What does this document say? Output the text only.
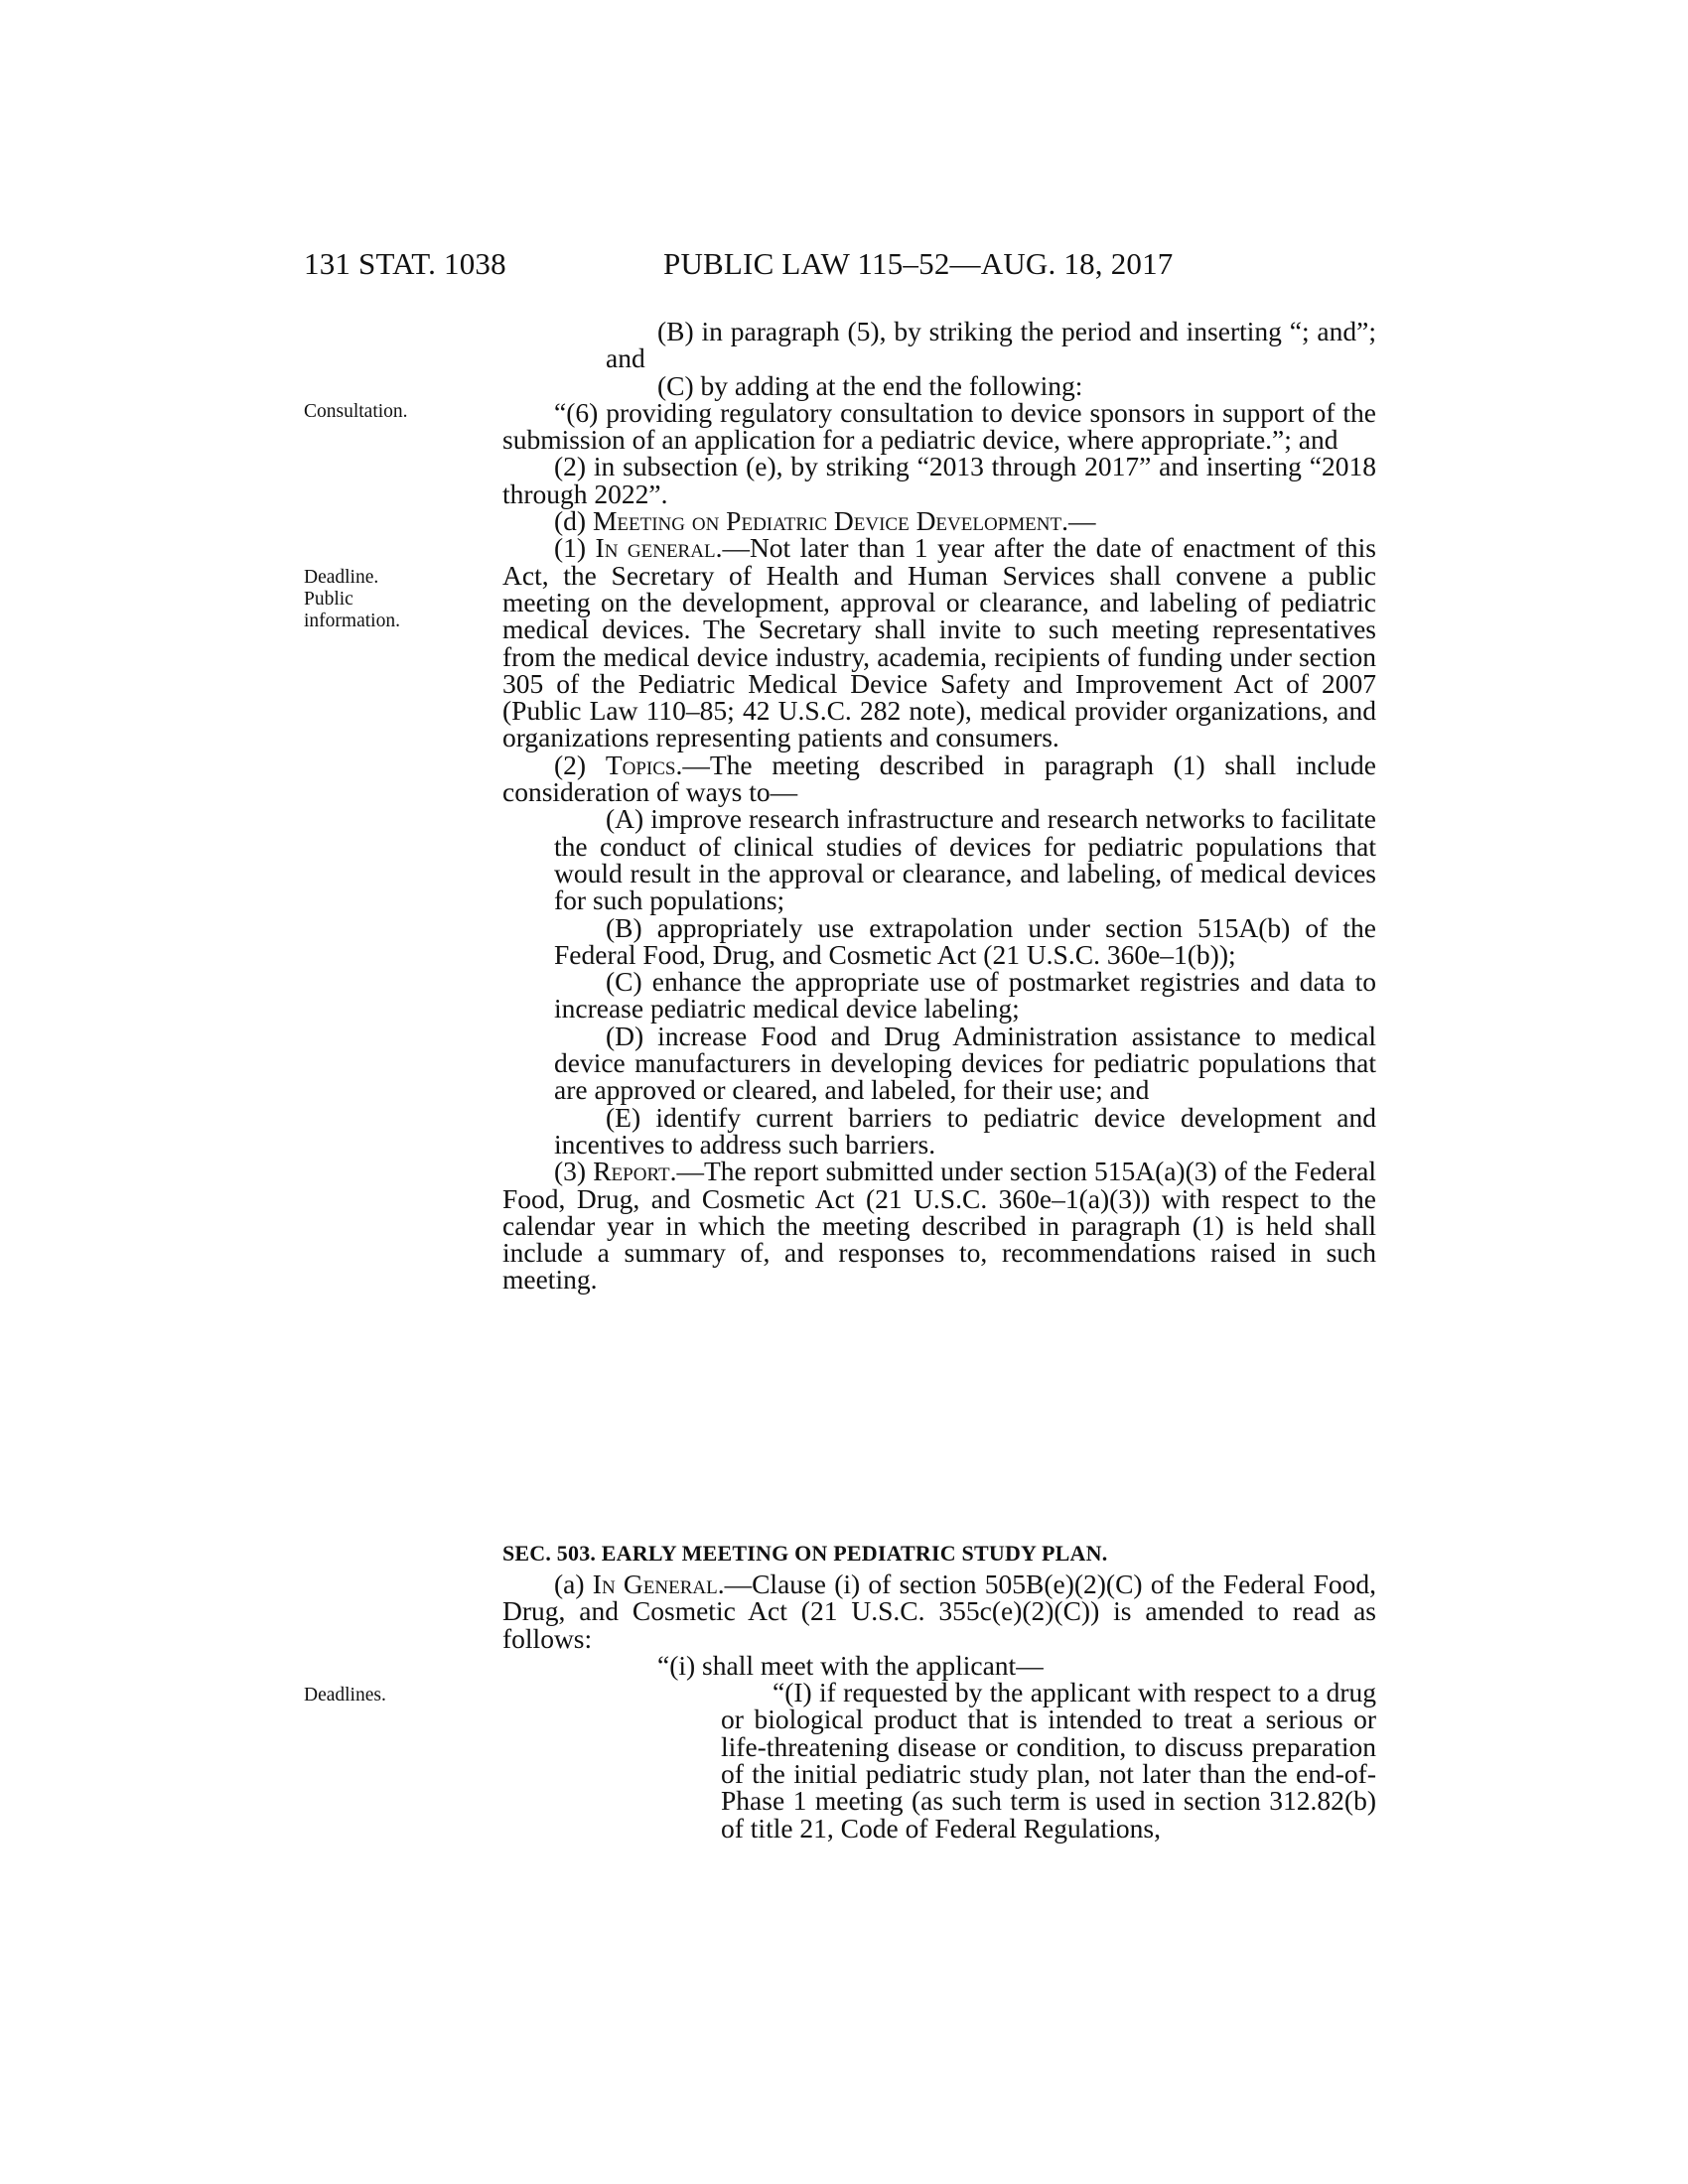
131 STAT. 1038	PUBLIC LAW 115–52—AUG. 18, 2017
Consultation.
Deadline.
Public
information.
Deadlines.

(B) in paragraph (5), by striking the period and inserting “; and”; and

(C) by adding at the end the following:

“(6) providing regulatory consultation to device sponsors in support of the submission of an application for a pediatric device, where appropriate.”; and

(2) in subsection (e), by striking “2013 through 2017” and inserting “2018 through 2022”.

(d) Meeting on Pediatric Device Development.—

(1) In general.—Not later than 1 year after the date of enactment of this Act, the Secretary of Health and Human Services shall convene a public meeting on the development, approval or clearance, and labeling of pediatric medical devices. The Secretary shall invite to such meeting representatives from the medical device industry, academia, recipients of funding under section 305 of the Pediatric Medical Device Safety and Improvement Act of 2007 (Public Law 110–85; 42 U.S.C. 282 note), medical provider organizations, and organizations representing patients and consumers.

(2) Topics.—The meeting described in paragraph (1) shall include consideration of ways to—

(A) improve research infrastructure and research networks to facilitate the conduct of clinical studies of devices for pediatric populations that would result in the approval or clearance, and labeling, of medical devices for such populations;

(B) appropriately use extrapolation under section 515A(b) of the Federal Food, Drug, and Cosmetic Act (21 U.S.C. 360e–1(b));

(C) enhance the appropriate use of postmarket registries and data to increase pediatric medical device labeling;

(D) increase Food and Drug Administration assistance to medical device manufacturers in developing devices for pediatric populations that are approved or cleared, and labeled, for their use; and

(E) identify current barriers to pediatric device development and incentives to address such barriers.

(3) Report.—The report submitted under section 515A(a)(3) of the Federal Food, Drug, and Cosmetic Act (21 U.S.C. 360e–1(a)(3)) with respect to the calendar year in which the meeting described in paragraph (1) is held shall include a summary of, and responses to, recommendations raised in such meeting.

SEC. 503. EARLY MEETING ON PEDIATRIC STUDY PLAN.

(a) In General.—Clause (i) of section 505B(e)(2)(C) of the Federal Food, Drug, and Cosmetic Act (21 U.S.C. 355c(e)(2)(C)) is amended to read as follows:

“(i) shall meet with the applicant—

“(I) if requested by the applicant with respect to a drug or biological product that is intended to treat a serious or life-threatening disease or condition, to discuss preparation of the initial pediatric study plan, not later than the end-of-Phase 1 meeting (as such term is used in section 312.82(b) of title 21, Code of Federal Regulations,
